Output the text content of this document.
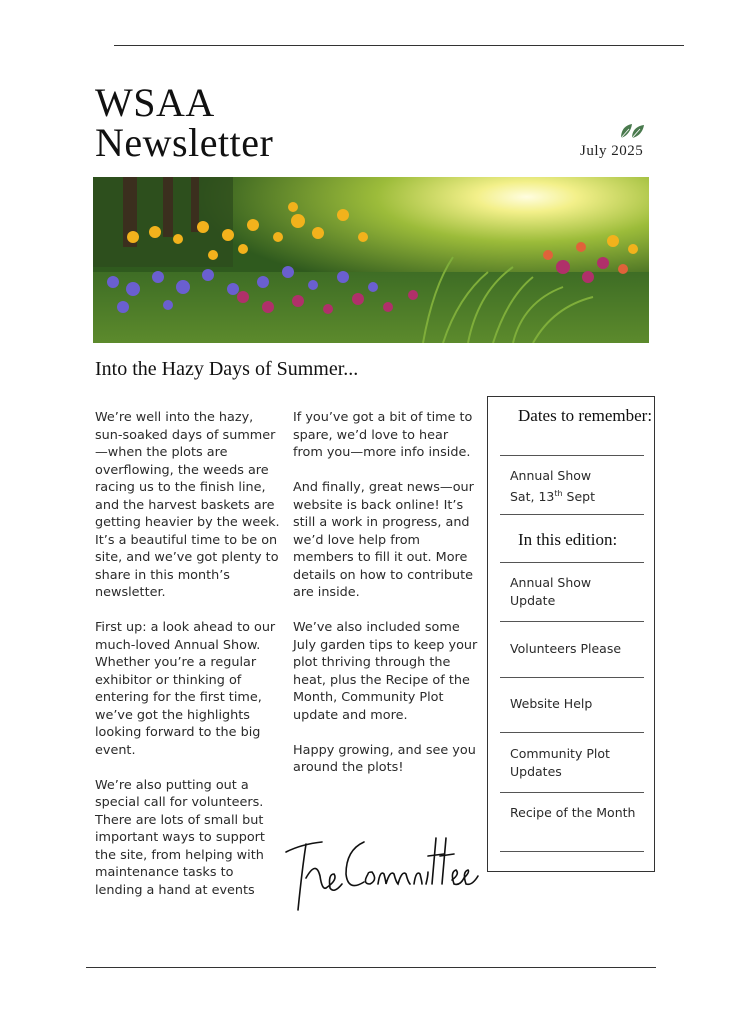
WSAA
Newsletter	July 2025
Into the Hazy Days of Summer...

We’re well into the hazy, sun-soaked days of summer—when the plots are overflowing, the weeds are racing us to the finish line, and the harvest baskets are getting heavier by the week. It’s a beautiful time to be on site, and we’ve got plenty to share in this month’s newsletter.

First up: a look ahead to our much-loved Annual Show. Whether you’re a regular exhibitor or thinking of entering for the first time, we’ve got the highlights looking forward to the big event.

We’re also putting out a special call for volunteers. There are lots of small but important ways to support the site, from helping with maintenance tasks to lending a hand at events

If you’ve got a bit of time to spare, we’d love to hear from you—more info inside.

And finally, great news—our website is back online! It’s still a work in progress, and we’d love help from members to fill it out. More details on how to contribute are inside.

We’ve also included some July garden tips to keep your plot thriving through the heat, plus the Recipe of the Month, Community Plot update and more.

Happy growing, and see you around the plots!

Dates to remember:
Annual Show
Sat, 13th Sept
In this edition:
Annual Show Update
Volunteers Please
Website Help
Community Plot Updates
Recipe of the Month
